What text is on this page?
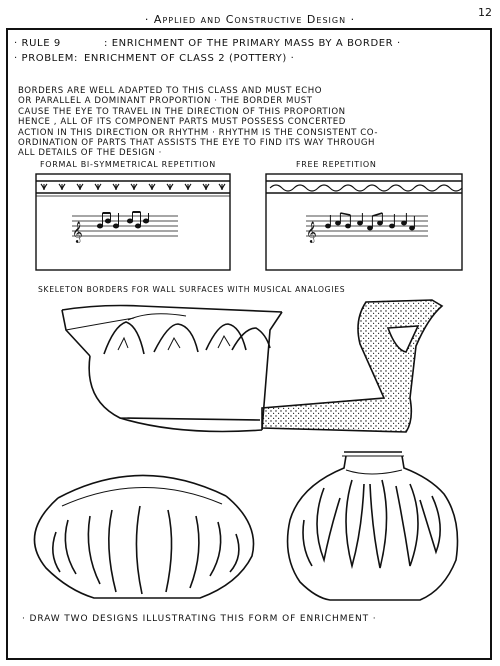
12
· Applied and Constructive Design ·
· RULE 9	: ENRICHMENT OF THE PRIMARY MASS BY A BORDER ·
· PROBLEM: ENRICHMENT OF CLASS 2 (POTTERY) ·
BORDERS ARE WELL ADAPTED TO THIS CLASS AND MUST ECHO
OR PARALLEL A DOMINANT PROPORTION · THE BORDER MUST
CAUSE THE EYE TO TRAVEL IN THE DIRECTION OF THIS PROPORTION
HENCE , ALL OF ITS COMPONENT PARTS MUST POSSESS CONCERTED
ACTION IN THIS DIRECTION OR RHYTHM · RHYTHM IS THE CONSISTENT CO-
ORDINATION OF PARTS THAT ASSISTS THE EYE TO FIND ITS WAY THROUGH
ALL DETAILS OF THE DESIGN ·
FORMAL BI-SYMMETRICAL REPETITION	FREE REPETITION
𝄞	𝄞
SKELETON BORDERS FOR WALL SURFACES WITH MUSICAL ANALOGIES
· DRAW TWO DESIGNS ILLUSTRATING THIS FORM OF ENRICHMENT ·
